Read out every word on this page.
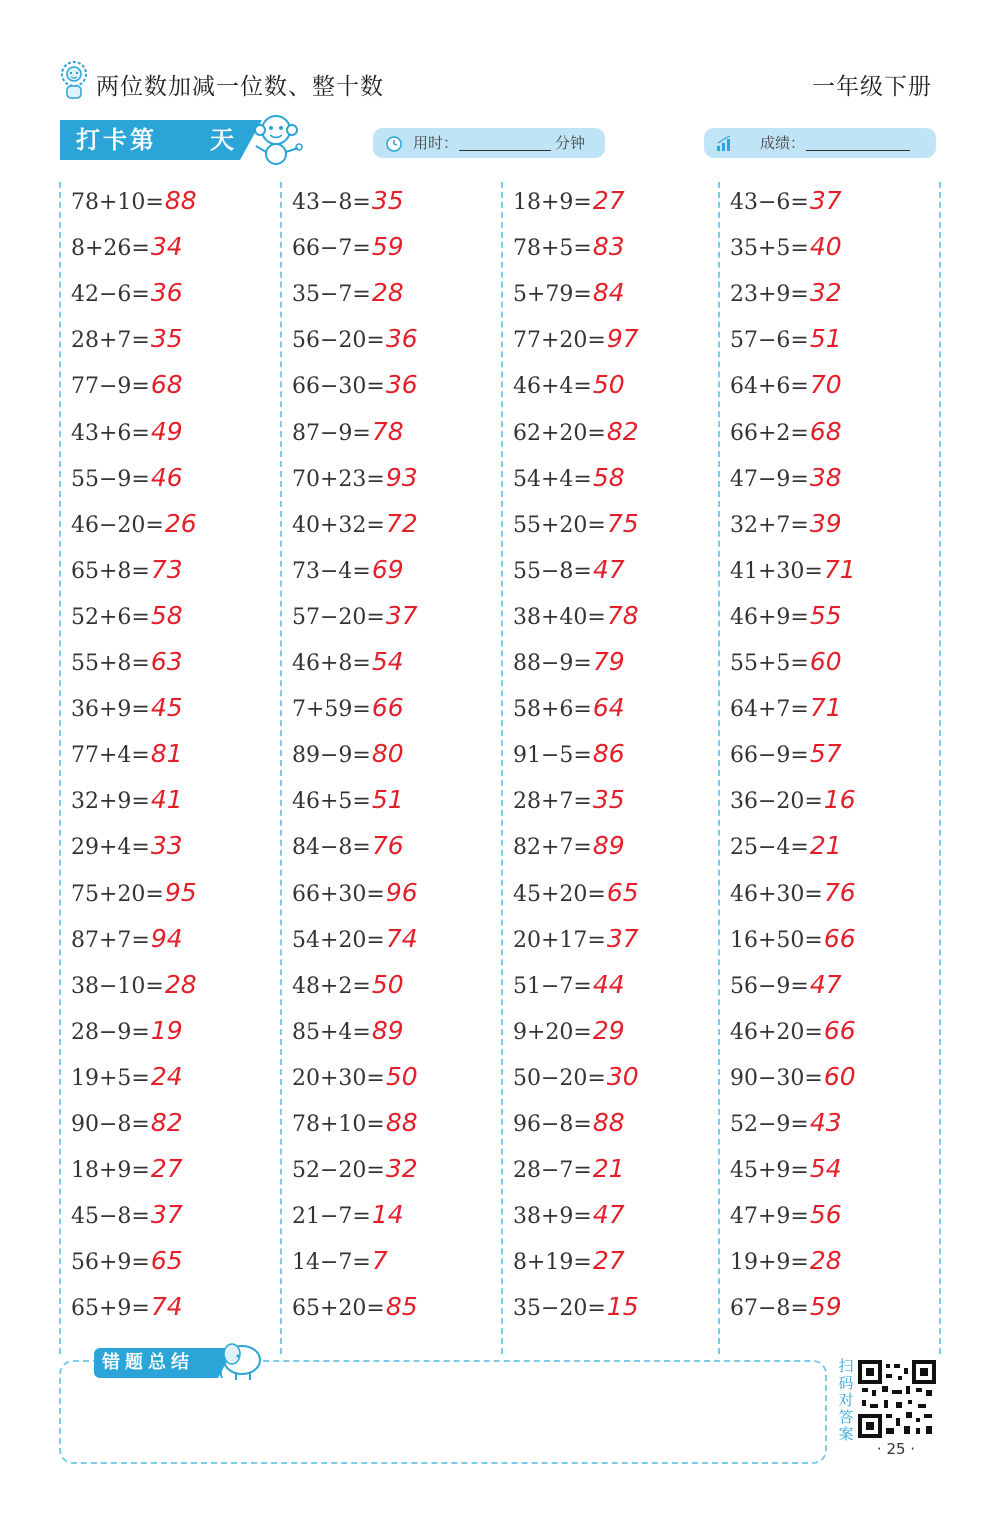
两位数加减一位数、整十数	一年级下册
打卡第 天	用时：	分钟	成绩：
78+10=88
8+26=34
42−6=36
28+7=35
77−9=68
43+6=49
55−9=46
46−20=26
65+8=73
52+6=58
55+8=63
36+9=45
77+4=81
32+9=41
29+4=33
75+20=95
87+7=94
38−10=28
28−9=19
19+5=24
90−8=82
18+9=27
45−8=37
56+9=65
65+9=74
43−8=35
66−7=59
35−7=28
56−20=36
66−30=36
87−9=78
70+23=93
40+32=72
73−4=69
57−20=37
46+8=54
7+59=66
89−9=80
46+5=51
84−8=76
66+30=96
54+20=74
48+2=50
85+4=89
20+30=50
78+10=88
52−20=32
21−7=14
14−7=7
65+20=85
18+9=27
78+5=83
5+79=84
77+20=97
46+4=50
62+20=82
54+4=58
55+20=75
55−8=47
38+40=78
88−9=79
58+6=64
91−5=86
28+7=35
82+7=89
45+20=65
20+17=37
51−7=44
9+20=29
50−20=30
96−8=88
28−7=21
38+9=47
8+19=27
35−20=15
43−6=37
35+5=40
23+9=32
57−6=51
64+6=70
66+2=68
47−9=38
32+7=39
41+30=71
46+9=55
55+5=60
64+7=71
66−9=57
36−20=16
25−4=21
46+30=76
16+50=66
56−9=47
46+20=66
90−30=60
52−9=43
45+9=54
47+9=56
19+9=28
67−8=59
错题总结	扫码对答案
· 25 ·
